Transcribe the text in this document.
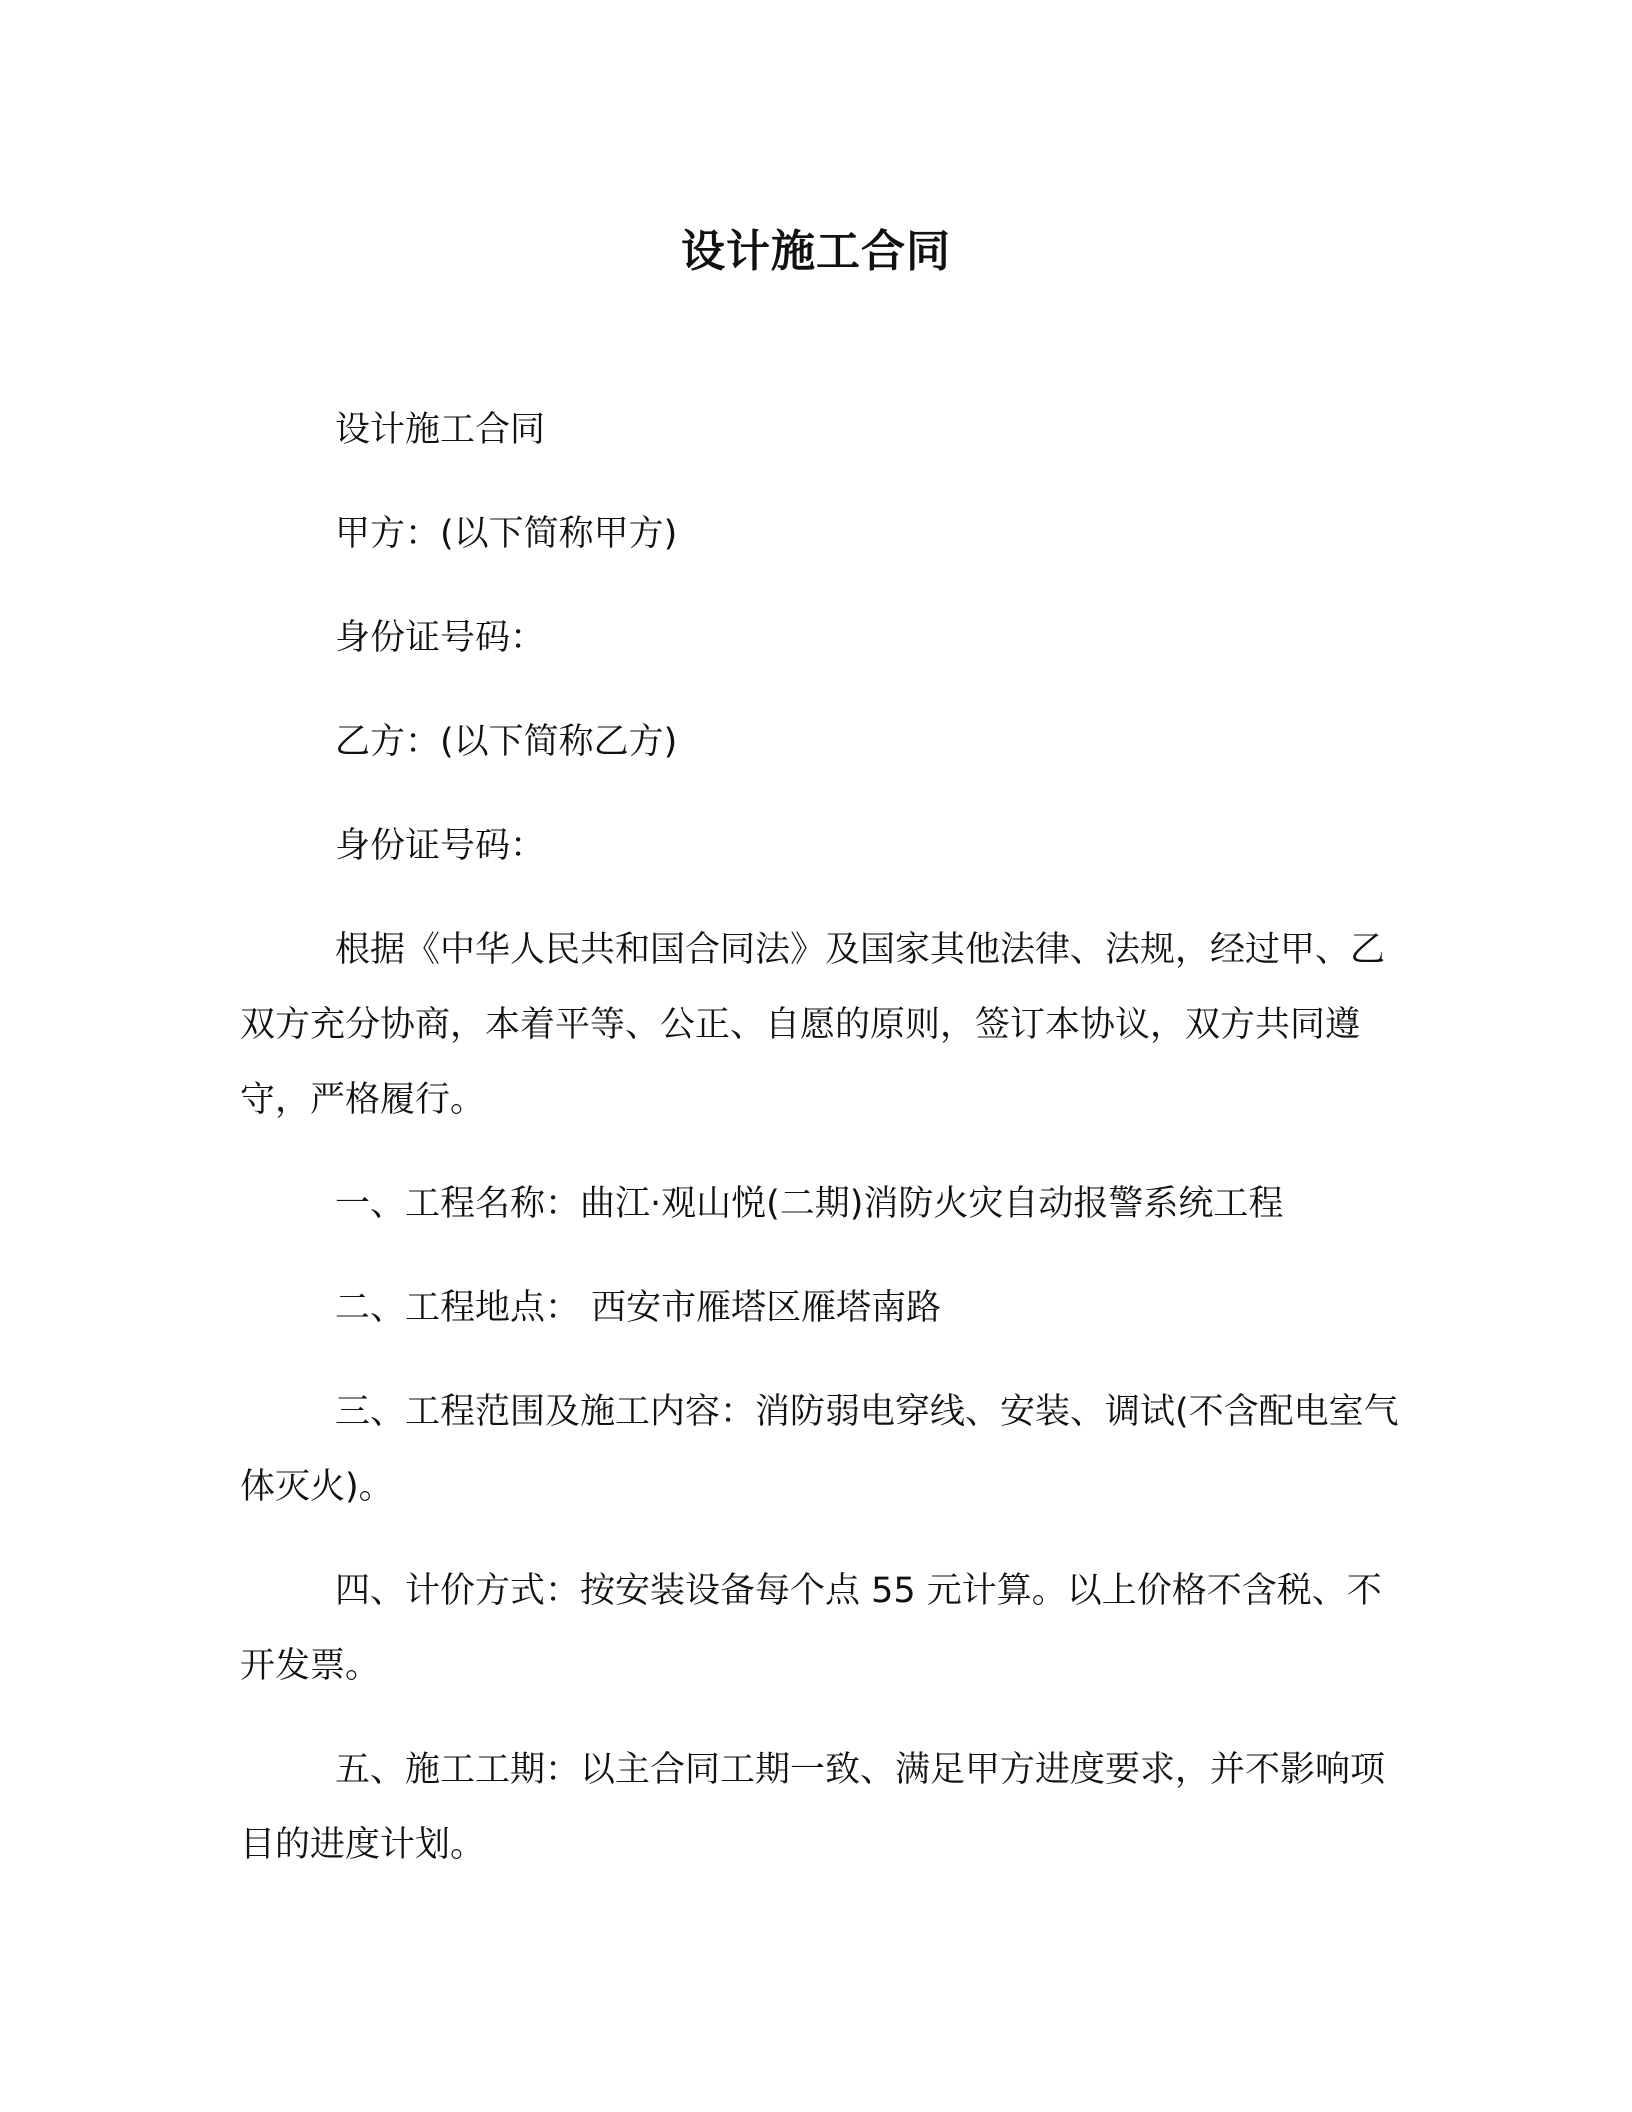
设计施工合同

设计施工合同

甲方：(以下简称甲方)

身份证号码：

乙方：(以下简称乙方)

身份证号码：

根据《中华人民共和国合同法》及国家其他法律、法规，经过甲、乙双方充分协商，本着平等、公正、自愿的原则，签订本协议，双方共同遵守，严格履行。

一、工程名称：曲江·观山悦(二期)消防火灾自动报警系统工程

二、工程地点： 西安市雁塔区雁塔南路

三、工程范围及施工内容：消防弱电穿线、安装、调试(不含配电室气体灭火)。

四、计价方式：按安装设备每个点 55 元计算。以上价格不含税、不开发票。

五、施工工期：以主合同工期一致、满足甲方进度要求，并不影响项目的进度计划。
